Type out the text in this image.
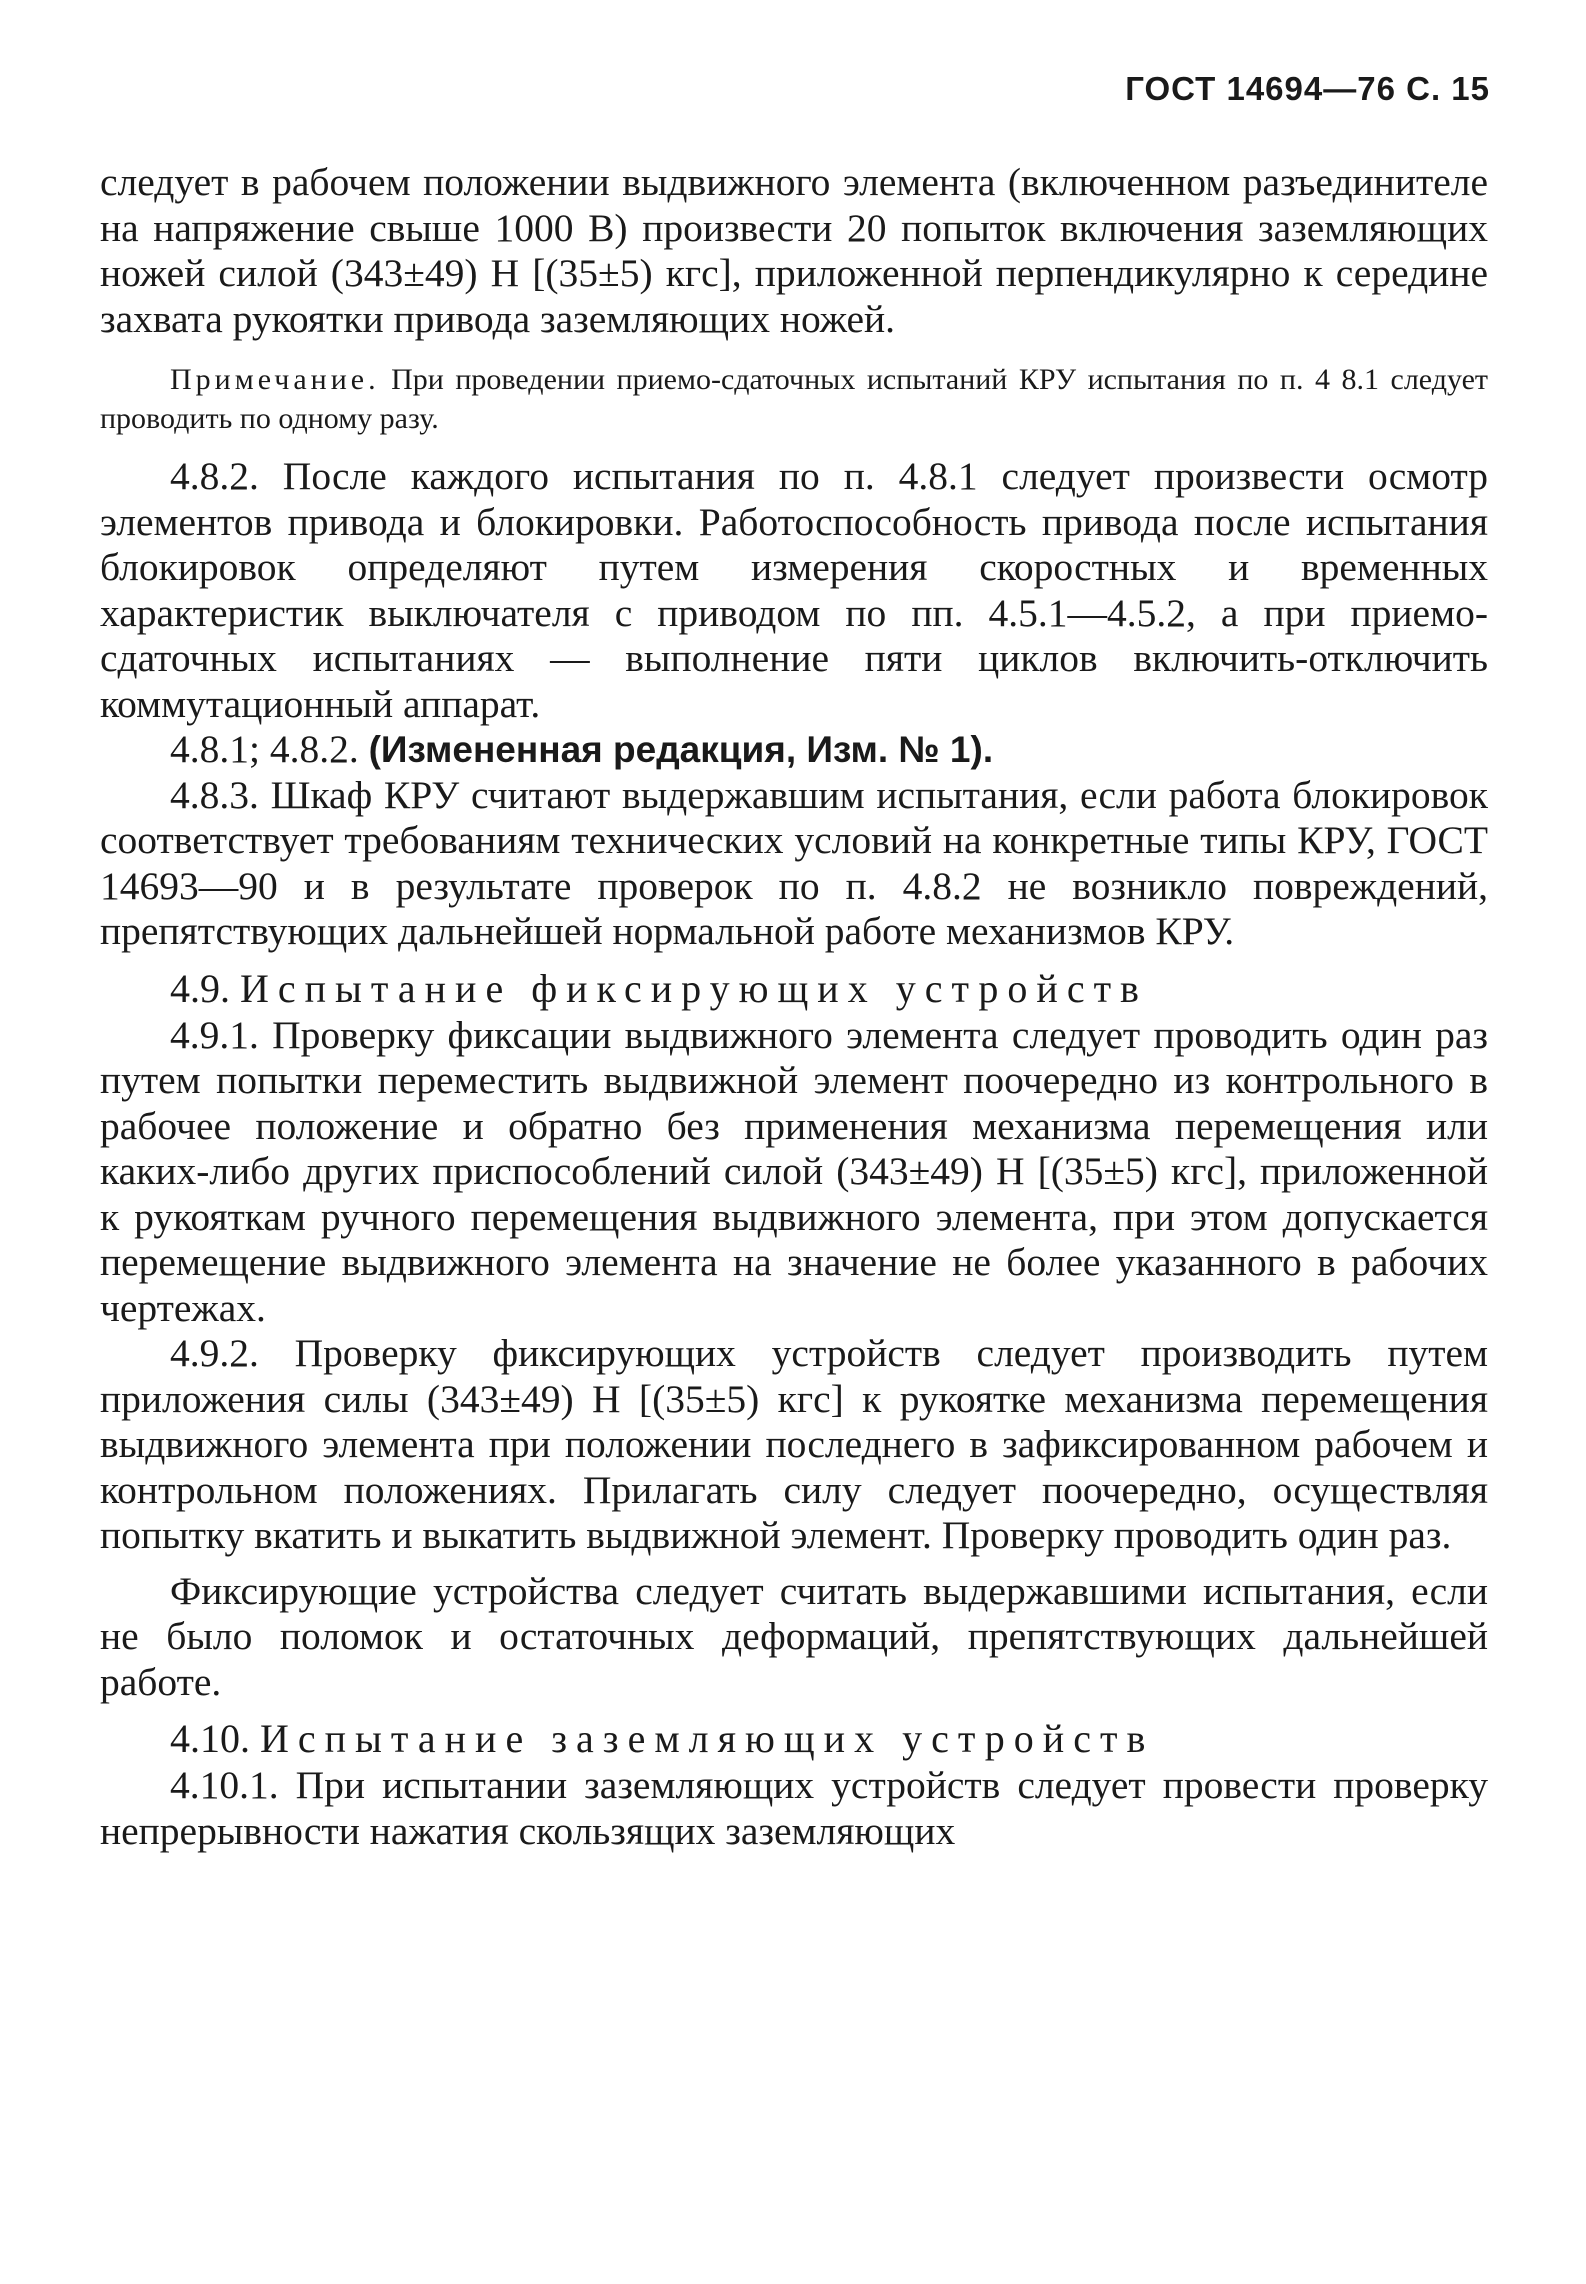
ГОСТ 14694—76 С. 15

следует в рабочем положении выдвижного элемента (включенном разъединителе на напряжение свыше 1000 В) произвести 20 попыток включения заземляющих ножей силой (343±49) Н [(35±5) кгс], приложенной перпендикулярно к середине захвата рукоятки привода заземляющих ножей.

Примечание. При проведении приемо-сдаточных испытаний КРУ испытания по п. 4 8.1 следует проводить по одному разу.

4.8.2. После каждого испытания по п. 4.8.1 следует произвести осмотр элементов привода и блокировки. Работоспособность привода после испытания блокировок определяют путем измерения скоростных и временных характеристик выключателя с приводом по пп. 4.5.1—4.5.2, а при приемо-сдаточных испытаниях — выполнение пяти циклов включить-отключить коммутационный аппарат.

4.8.1; 4.8.2. (Измененная редакция, Изм. № 1).

4.8.3. Шкаф КРУ считают выдержавшим испытания, если работа блокировок соответствует требованиям технических условий на конкретные типы КРУ, ГОСТ 14693—90 и в результате проверок по п. 4.8.2 не возникло повреждений, препятствующих дальнейшей нормальной работе механизмов КРУ.

4.9. Испытание фиксирующих устройств

4.9.1. Проверку фиксации выдвижного элемента следует проводить один раз путем попытки переместить выдвижной элемент поочередно из контрольного в рабочее положение и обратно без применения механизма перемещения или каких-либо других приспособлений силой (343±49) Н [(35±5) кгс], приложенной к рукояткам ручного перемещения выдвижного элемента, при этом допускается перемещение выдвижного элемента на значение не более указанного в рабочих чертежах.

4.9.2. Проверку фиксирующих устройств следует производить путем приложения силы (343±49) Н [(35±5) кгс] к рукоятке механизма перемещения выдвижного элемента при положении последнего в зафиксированном рабочем и контрольном положениях. Прилагать силу следует поочередно, осуществляя попытку вкатить и выкатить выдвижной элемент. Проверку проводить один раз.

Фиксирующие устройства следует считать выдержавшими испытания, если не было поломок и остаточных деформаций, препятствующих дальнейшей работе.

4.10. Испытание заземляющих устройств

4.10.1. При испытании заземляющих устройств следует провести проверку непрерывности нажатия скользящих заземляющих
